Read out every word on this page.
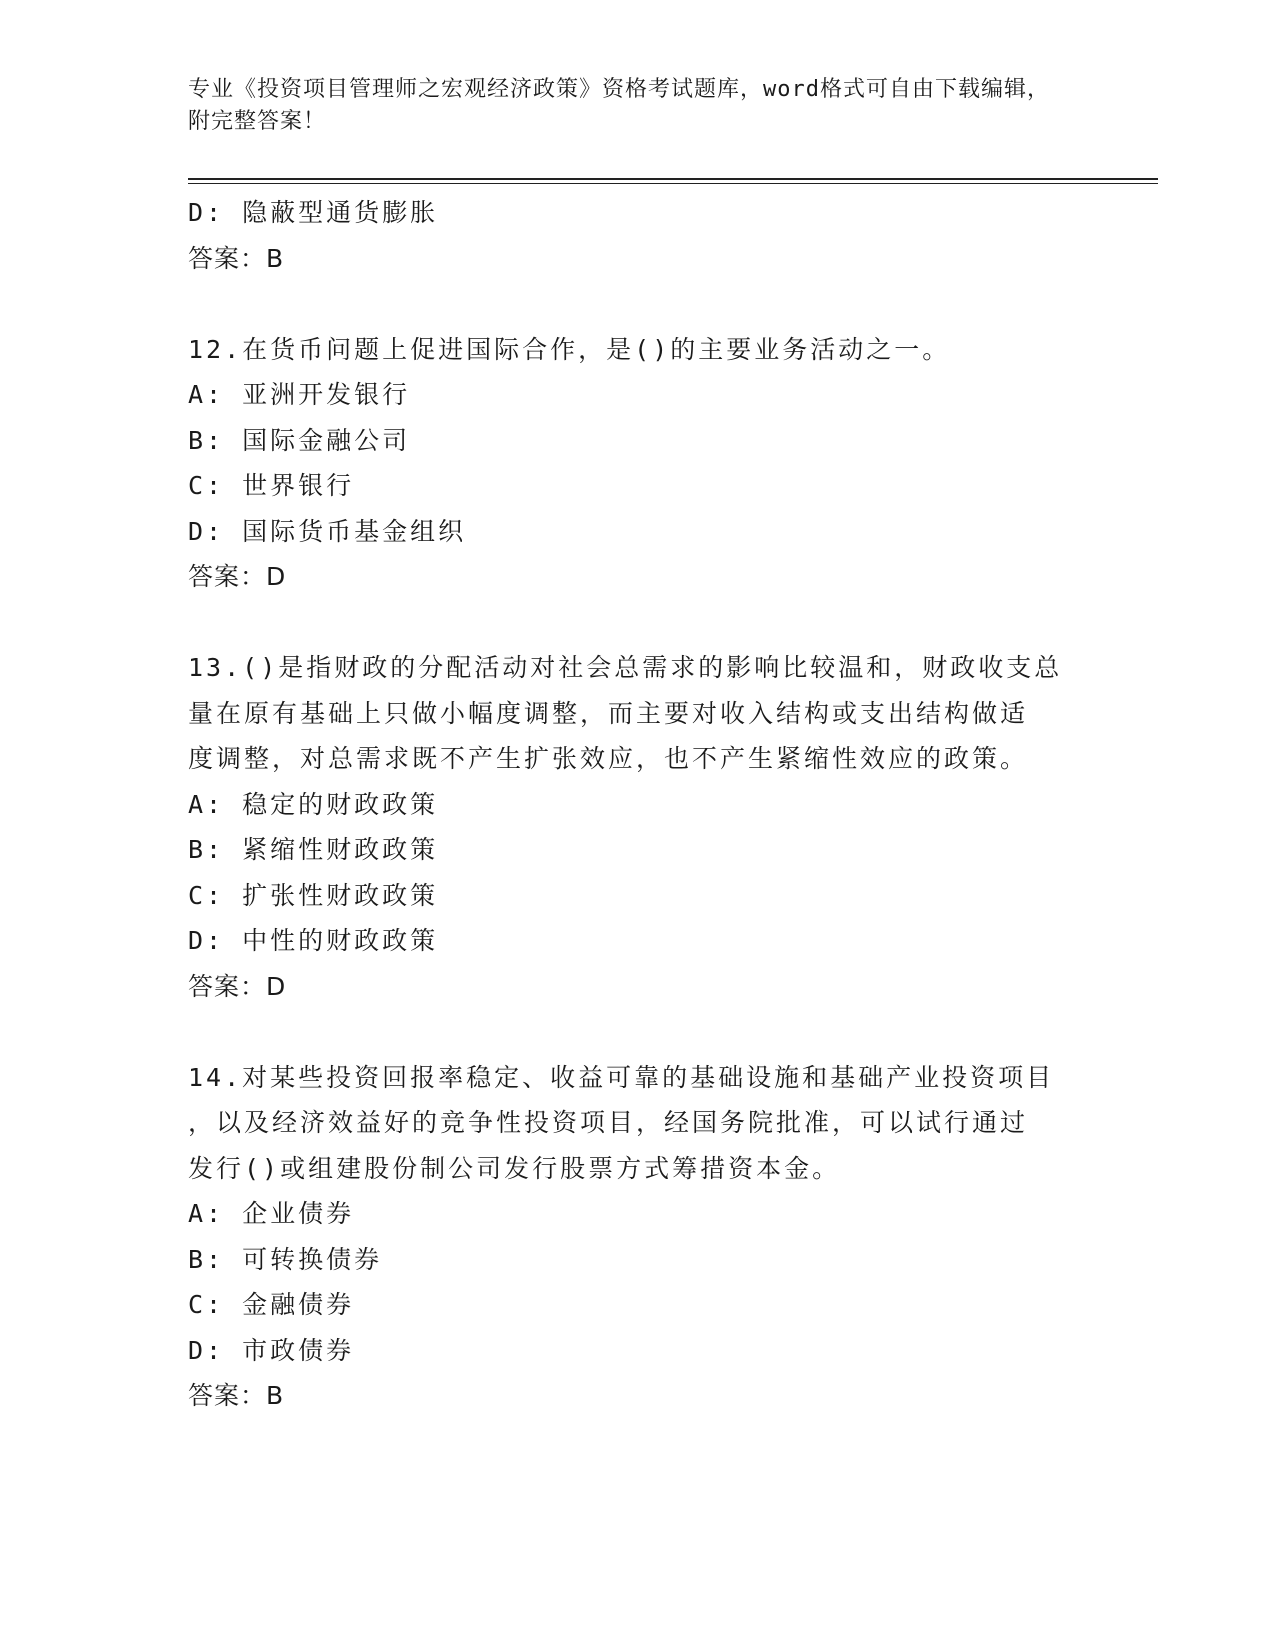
专业《投资项目管理师之宏观经济政策》资格考试题库，word格式可自由下载编辑，附完整答案！
D: 隐蔽型通货膨胀
答案：B
12.在货币问题上促进国际合作，是()的主要业务活动之一。
A: 亚洲开发银行
B: 国际金融公司
C: 世界银行
D: 国际货币基金组织
答案：D
13.()是指财政的分配活动对社会总需求的影响比较温和，财政收支总
量在原有基础上只做小幅度调整，而主要对收入结构或支出结构做适
度调整，对总需求既不产生扩张效应，也不产生紧缩性效应的政策。
A: 稳定的财政政策
B: 紧缩性财政政策
C: 扩张性财政政策
D: 中性的财政政策
答案：D
14.对某些投资回报率稳定、收益可靠的基础设施和基础产业投资项目
，以及经济效益好的竞争性投资项目，经国务院批准，可以试行通过
发行()或组建股份制公司发行股票方式筹措资本金。
A: 企业债券
B: 可转换债券
C: 金融债券
D: 市政债券
答案：B
